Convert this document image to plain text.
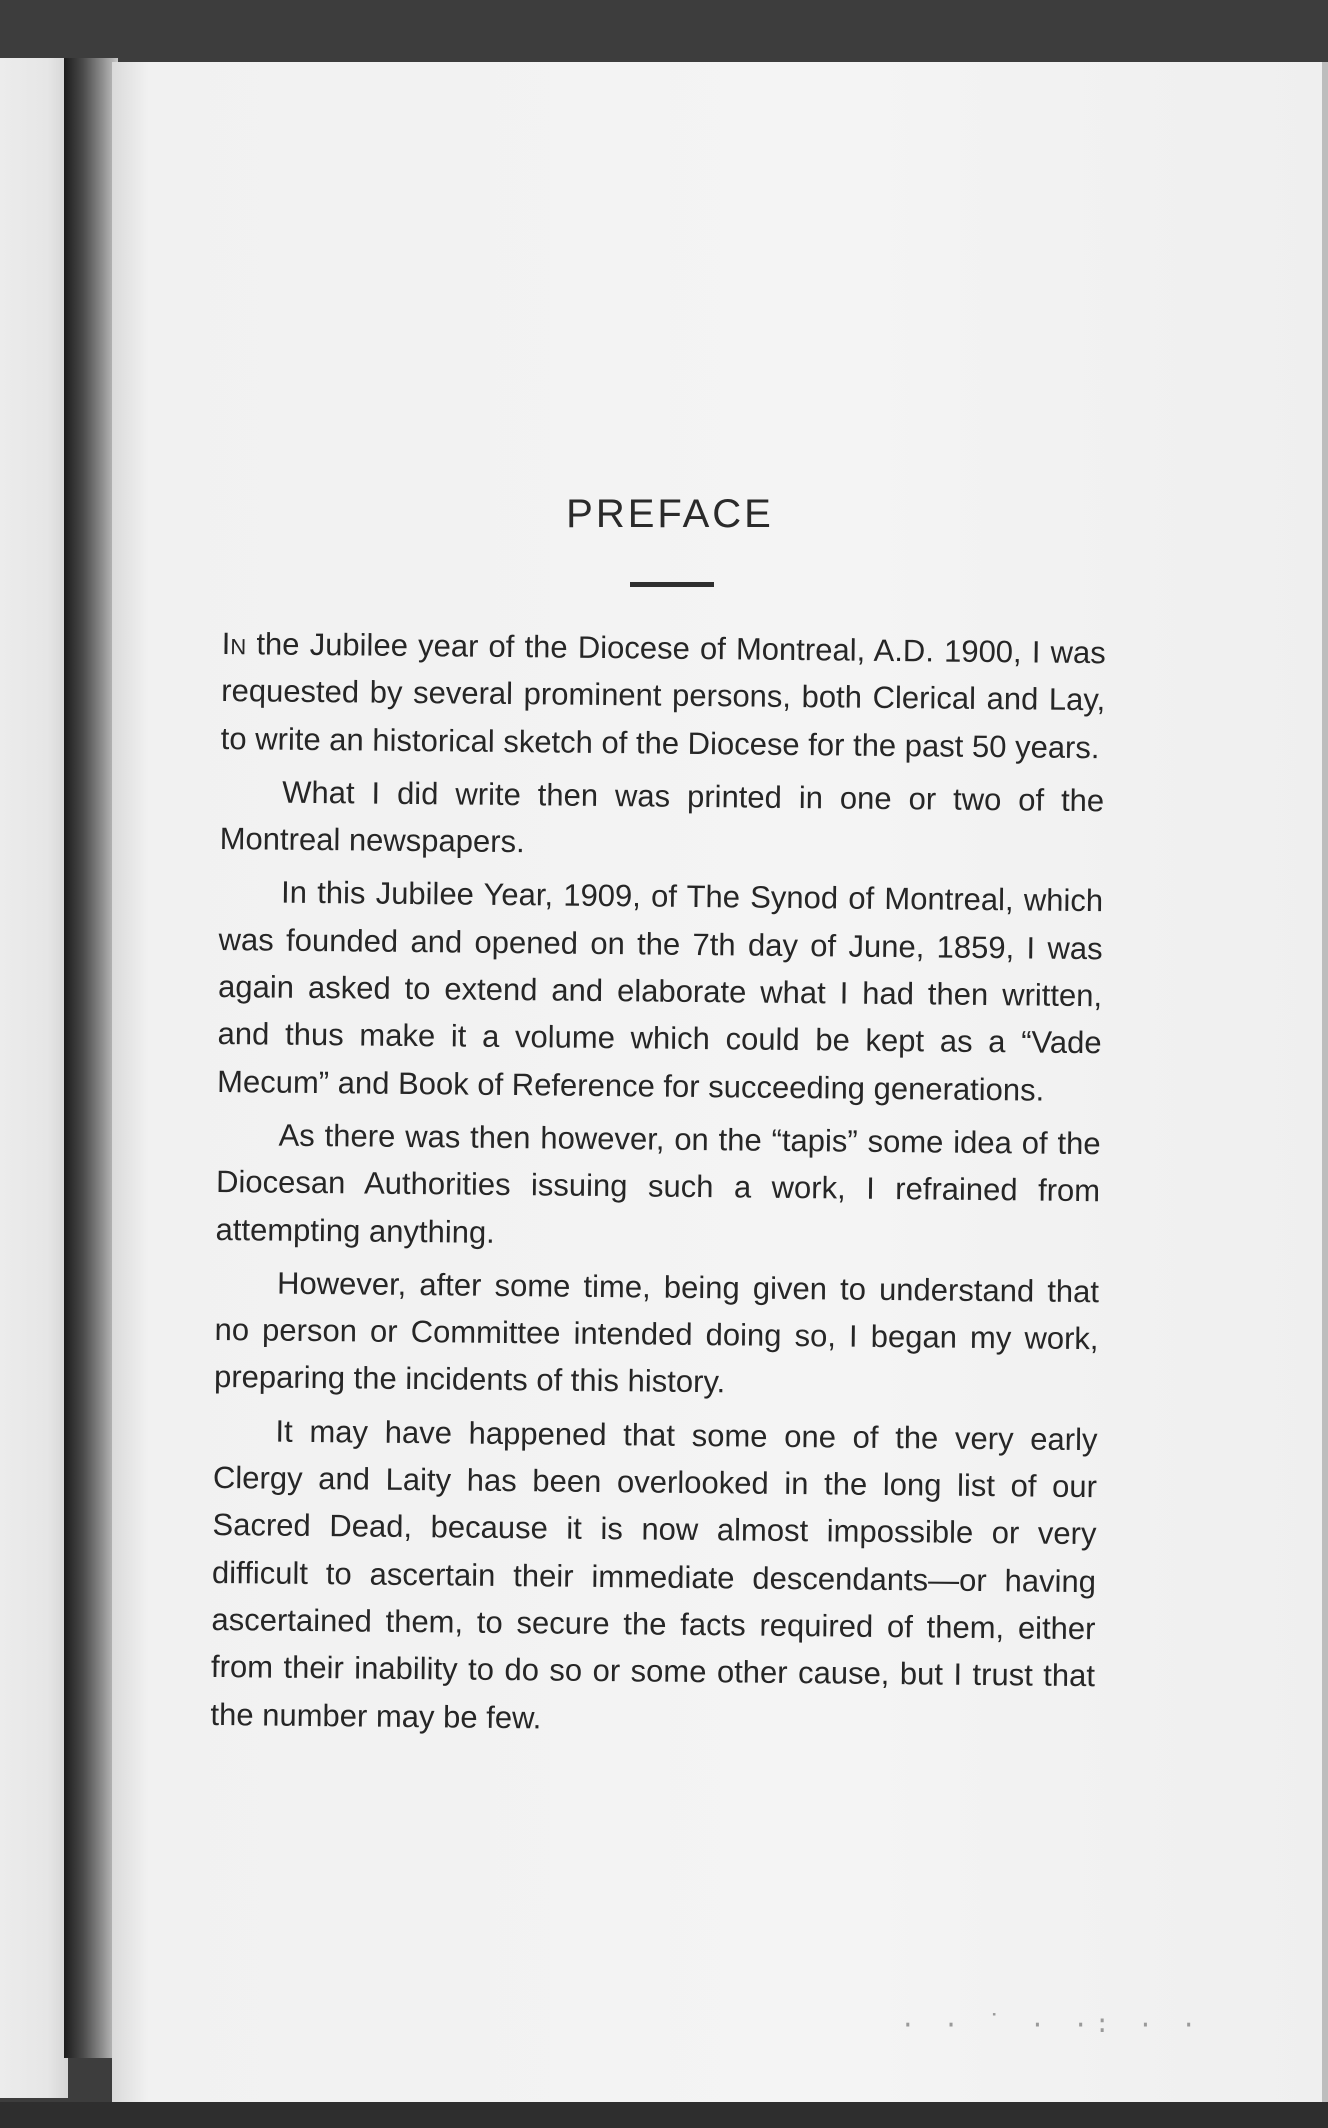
PREFACE

In the Jubilee year of the Diocese of Montreal, A.D. 1900, I was requested by several prominent persons, both Clerical and Lay, to write an historical sketch of the Diocese for the past 50 years.

What I did write then was printed in one or two of the Montreal newspapers.

In this Jubilee Year, 1909, of The Synod of Montreal, which was founded and opened on the 7th day of June, 1859, I was again asked to extend and elaborate what I had then written, and thus make it a volume which could be kept as a “Vade Mecum” and Book of Reference for succeeding generations.

As there was then however, on the “tapis” some idea of the Diocesan Authorities issuing such a work, I refrained from attempting anything.

However, after some time, being given to understand that no person or Committee intended doing so, I began my work, preparing the incidents of this history.

It may have happened that some one of the very early Clergy and Laity has been overlooked in the long list of our Sacred Dead, because it is now almost impossible or very difficult to ascertain their immediate descendants—or having ascertained them, to secure the facts required of them, either from their inability to do so or some other cause, but I trust that the number may be few.

· · ˙ · ·: · ·
